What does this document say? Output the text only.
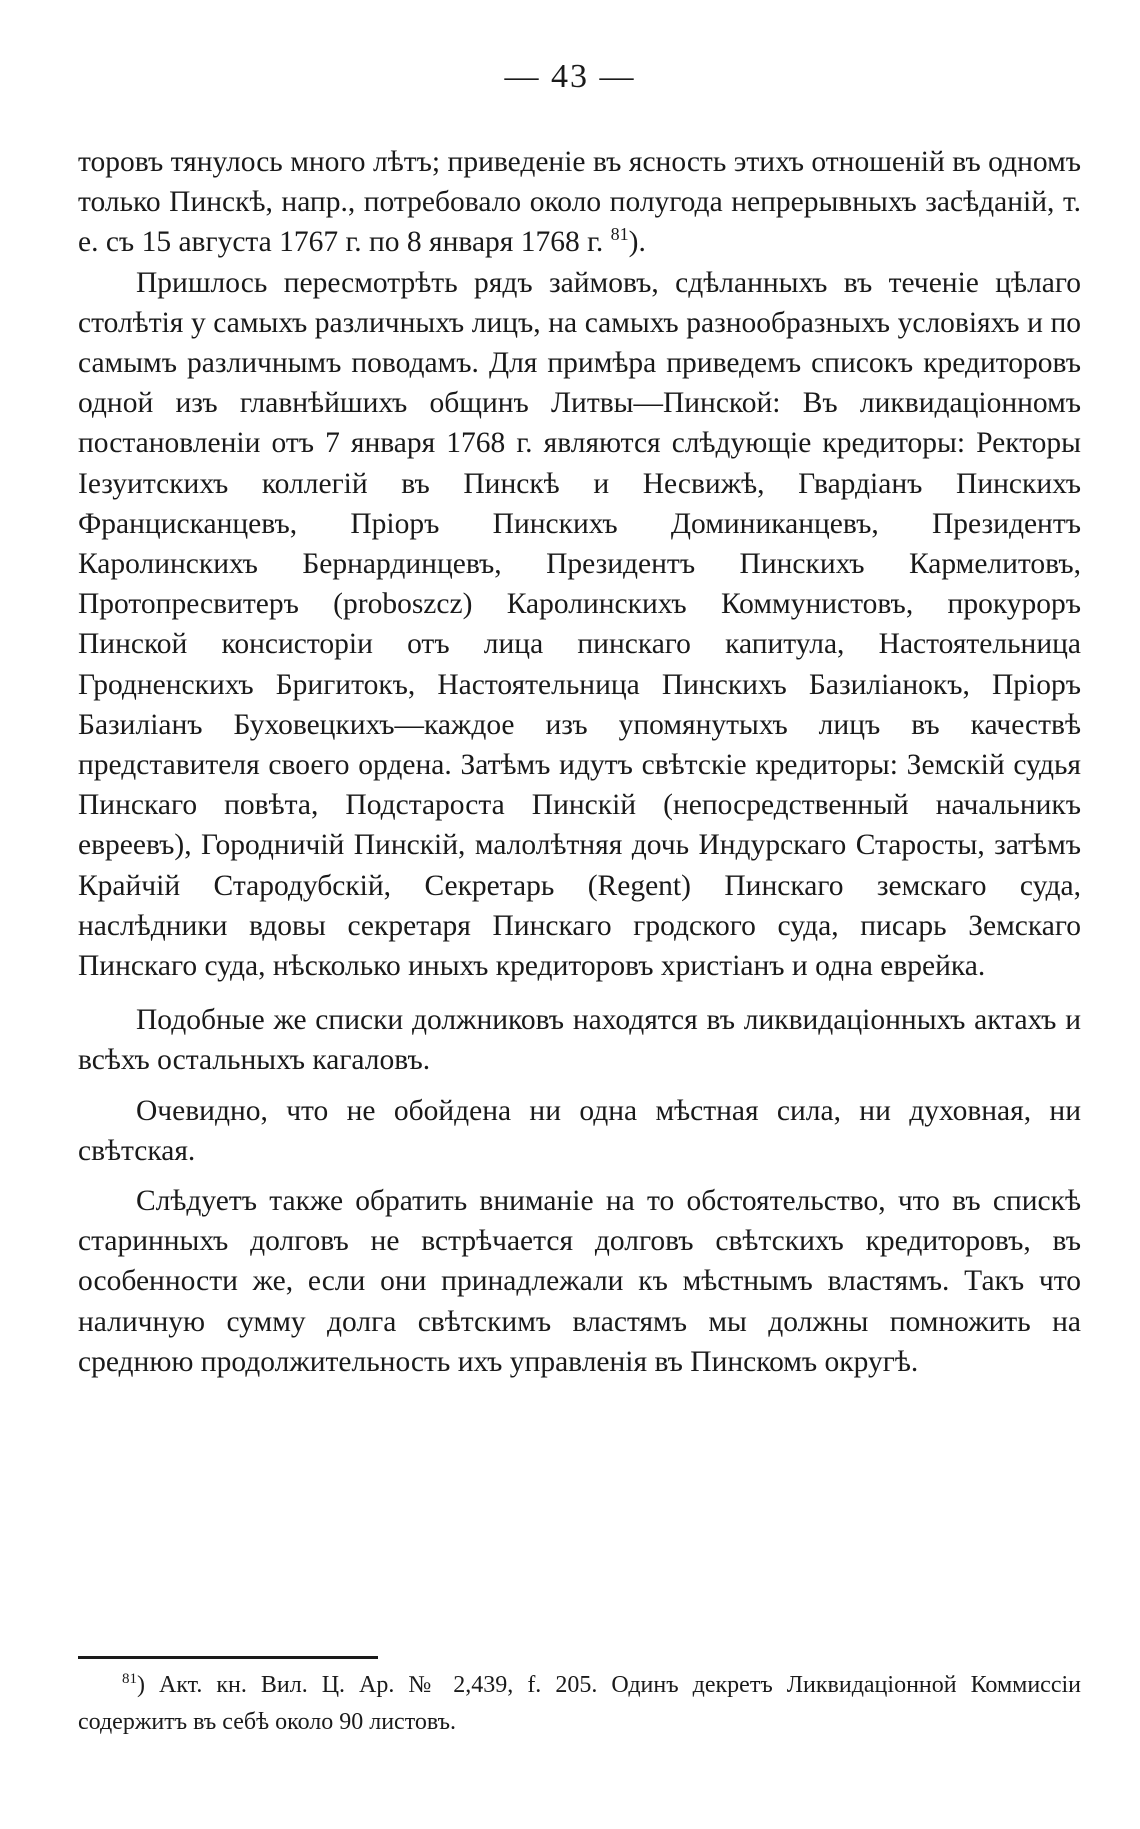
— 43 —

торовъ тянулось много лѣтъ; приведеніе въ ясность этихъ отношеній въ одномъ только Пинскѣ, напр., потребовало около полугода непрерывныхъ засѣданій, т. е. съ 15 августа 1767 г. по 8 января 1768 г. $^{81}$).

Пришлось пересмотрѣть рядъ займовъ, сдѣланныхъ въ теченіе цѣлаго столѣтія у самыхъ различныхъ лицъ, на самыхъ разнообразныхъ условіяхъ и по самымъ различнымъ поводамъ. Для примѣра приведемъ списокъ кредиторовъ одной изъ главнѣйшихъ общинъ Литвы—Пинской: Въ ликвидаціонномъ постановленіи отъ 7 января 1768 г. являются слѣдующіе кредиторы: Ректоры Іезуитскихъ коллегій въ Пинскѣ и Несвижѣ, Гвардіанъ Пинскихъ Францисканцевъ, Пріоръ Пинскихъ Доминиканцевъ, Президентъ Каролинскихъ Бернардинцевъ, Президентъ Пинскихъ Кармелитовъ, Протопресвитеръ (proboszcz) Каролинскихъ Коммунистовъ, прокуроръ Пинской консисторіи отъ лица пинскаго капитула, Настоятельница Гродненскихъ Бригитокъ, Настоятельница Пинскихъ Базиліанокъ, Пріоръ Базиліанъ Буховецкихъ—каждое изъ упомянутыхъ лицъ въ качествѣ представителя своего ордена. Затѣмъ идутъ свѣтскіе кредиторы: Земскій судья Пинскаго повѣта, Подстароста Пинскій (непосредственный начальникъ евреевъ), Городничій Пинскій, малолѣтняя дочь Индурскаго Старосты, затѣмъ Крайчій Стародубскій, Секретарь (Regent) Пинскаго земскаго суда, наслѣдники вдовы секретаря Пинскаго гродского суда, писарь Земскаго Пинскаго суда, нѣсколько иныхъ кредиторовъ христіанъ и одна еврейка.

Подобные же списки должниковъ находятся въ ликвидаціонныхъ актахъ и всѣхъ остальныхъ кагаловъ.

Очевидно, что не обойдена ни одна мѣстная сила, ни духовная, ни свѣтская.

Слѣдуетъ также обратить вниманіе на то обстоятельство, что въ спискѣ старинныхъ долговъ не встрѣчается долговъ свѣтскихъ кредиторовъ, въ особенности же, если они принадлежали къ мѣстнымъ властямъ. Такъ что наличную сумму долга свѣтскимъ властямъ мы должны помножить на среднюю продолжительность ихъ управленія въ Пинскомъ округѣ.

$^{81}$) Акт. кн. Вил. Ц. Ар. № 2,439, f. 205. Одинъ декретъ Ликвидаціонной Коммиссіи содержитъ въ себѣ около 90 листовъ.
